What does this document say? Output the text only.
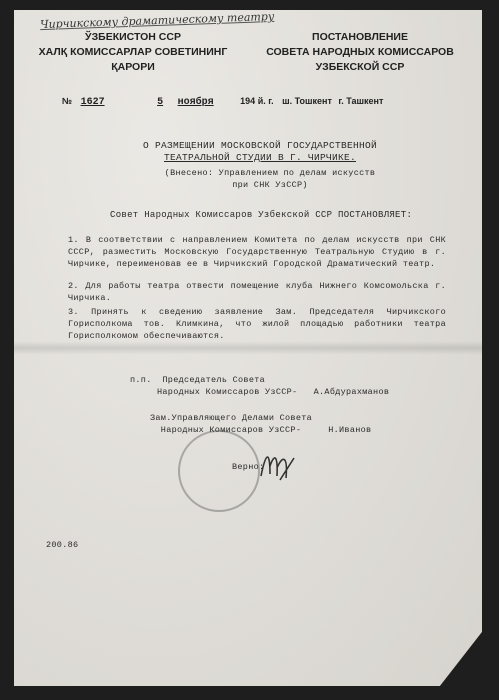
Чирчикскому драматическому театру
ЎЗБЕКИСТОН ССР
ХАЛҚ КОМИССАРЛАР СОВЕТИНИНГ
ҚАРОРИ
ПОСТАНОВЛЕНИЕ
СОВЕТА НАРОДНЫХ КОМИССАРОВ
УЗБЕКСКОЙ ССР
№ 1627	5 ноября	194 й. г. ш. Тошкент г. Ташкент
О РАЗМЕЩЕНИИ МОСКОВСКОЙ ГОСУДАРСТВЕННОЙ
ТЕАТРАЛЬНОЙ СТУДИИ В Г. ЧИРЧИКЕ.
(Внесено: Управлением по делам искусств
при СНК УзССР)
Совет Народных Комиссаров Узбекской ССР ПОСТАНОВЛЯЕТ:
1. В соответствии с направлением Комитета по делам искусств при СНК СССР, разместить Московскую Государственную Театральную Студию в г. Чирчике, переименовав ее в Чирчикский Городской Драматический театр.
2. Для работы театра отвести помещение клуба Нижнего Комсомольска г. Чирчика.
3. Принять к сведению заявление Зам. Председателя Чирчикского Горисполкома тов. Климкина, что жилой площадью работники театра Горисполкомом обеспечиваются.
п.п.  Председатель Совета
Народных Комиссаров УзССР-   А.Абдурахманов
Зам.Управляющего Делами Совета
Народных Комиссаров УзССР-     Н.Иванов
Верно:
200.86
